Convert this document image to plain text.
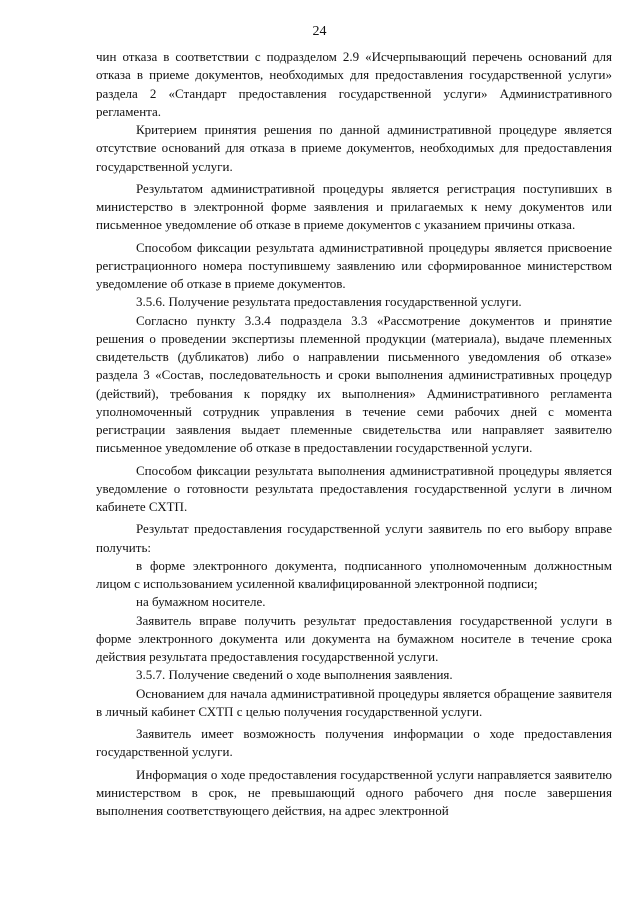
24

чин отказа в соответствии с подразделом 2.9 «Исчерпывающий перечень оснований для отказа в приеме документов, необходимых для предоставления государственной услуги» раздела 2 «Стандарт предоставления государственной услуги» Административного регламента.

Критерием принятия решения по данной административной процедуре является отсутствие оснований для отказа в приеме документов, необходимых для предоставления государственной услуги.

Результатом административной процедуры является регистрация поступивших в министерство в электронной форме заявления и прилагаемых к нему документов или письменное уведомление об отказе в приеме документов с указанием причины отказа.

Способом фиксации результата административной процедуры является присвоение регистрационного номера поступившему заявлению или сформированное министерством уведомление об отказе в приеме документов.

3.5.6. Получение результата предоставления государственной услуги.

Согласно пункту 3.3.4 подраздела 3.3 «Рассмотрение документов и принятие решения о проведении экспертизы племенной продукции (материала), выдаче племенных свидетельств (дубликатов) либо о направлении письменного уведомления об отказе» раздела 3 «Состав, последовательность и сроки выполнения административных процедур (действий), требования к порядку их выполнения» Административного регламента уполномоченный сотрудник управления в течение семи рабочих дней с момента регистрации заявления выдает племенные свидетельства или направляет заявителю письменное уведомление об отказе в предоставлении государственной услуги.

Способом фиксации результата выполнения административной процедуры является уведомление о готовности результата предоставления государственной услуги в личном кабинете СХТП.

Результат предоставления государственной услуги заявитель по его выбору вправе получить:

в форме электронного документа, подписанного уполномоченным должностным лицом с использованием усиленной квалифицированной электронной подписи;

на бумажном носителе.

Заявитель вправе получить результат предоставления государственной услуги в форме электронного документа или документа на бумажном носителе в течение срока действия результата предоставления государственной услуги.

3.5.7. Получение сведений о ходе выполнения заявления.

Основанием для начала административной процедуры является обращение заявителя в личный кабинет СХТП с целью получения государственной услуги.

Заявитель имеет возможность получения информации о ходе предоставления государственной услуги.

Информация о ходе предоставления государственной услуги направляется заявителю министерством в срок, не превышающий одного рабочего дня после завершения выполнения соответствующего действия, на адрес электронной
